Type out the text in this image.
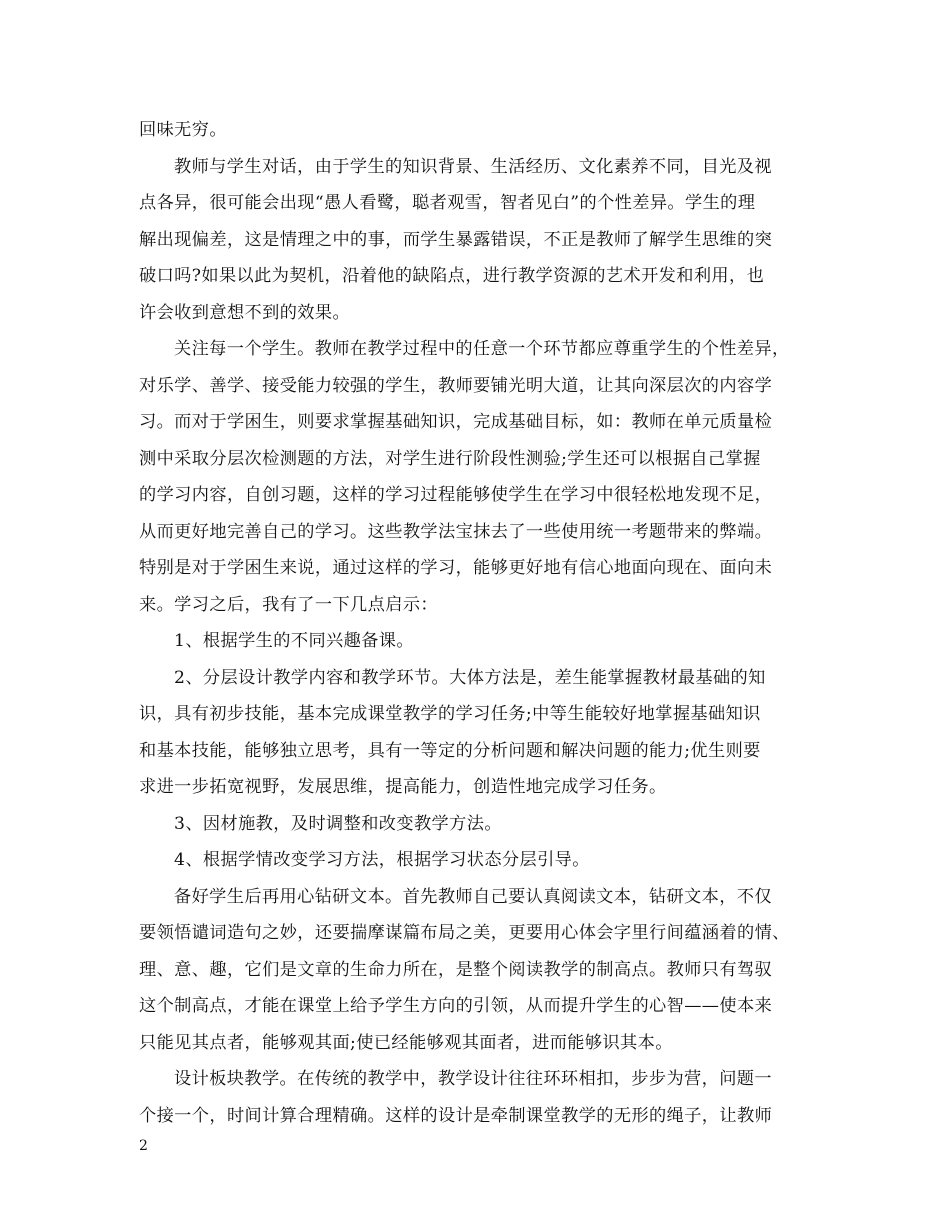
回味无穷。
教师与学生对话，由于学生的知识背景、生活经历、文化素养不同，目光及视
点各异，很可能会出现“愚人看鹭，聪者观雪，智者见白”的个性差异。学生的理
解出现偏差，这是情理之中的事，而学生暴露错误，不正是教师了解学生思维的突
破口吗?如果以此为契机，沿着他的缺陷点，进行教学资源的艺术开发和利用，也
许会收到意想不到的效果。
关注每一个学生。教师在教学过程中的任意一个环节都应尊重学生的个性差异，
对乐学、善学、接受能力较强的学生，教师要铺光明大道，让其向深层次的内容学
习。而对于学困生，则要求掌握基础知识，完成基础目标，如：教师在单元质量检
测中采取分层次检测题的方法，对学生进行阶段性测验;学生还可以根据自己掌握
的学习内容，自创习题，这样的学习过程能够使学生在学习中很轻松地发现不足，
从而更好地完善自己的学习。这些教学法宝抹去了一些使用统一考题带来的弊端。
特别是对于学困生来说，通过这样的学习，能够更好地有信心地面向现在、面向未
来。学习之后，我有了一下几点启示：
1、根据学生的不同兴趣备课。
2、分层设计教学内容和教学环节。大体方法是，差生能掌握教材最基础的知
识，具有初步技能，基本完成课堂教学的学习任务;中等生能较好地掌握基础知识
和基本技能，能够独立思考，具有一等定的分析问题和解决问题的能力;优生则要
求进一步拓宽视野，发展思维，提高能力，创造性地完成学习任务。
3、因材施教，及时调整和改变教学方法。
4、根据学情改变学习方法，根据学习状态分层引导。
备好学生后再用心钻研文本。首先教师自己要认真阅读文本，钻研文本，不仅
要领悟谴词造句之妙，还要揣摩谋篇布局之美，更要用心体会字里行间蕴涵着的情、
理、意、趣，它们是文章的生命力所在，是整个阅读教学的制高点。教师只有驾驭
这个制高点，才能在课堂上给予学生方向的引领，从而提升学生的心智——使本来
只能见其点者，能够观其面;使已经能够观其面者，进而能够识其本。
设计板块教学。在传统的教学中，教学设计往往环环相扣，步步为营，问题一
个接一个，时间计算合理精确。这样的设计是牵制课堂教学的无形的绳子，让教师
2
